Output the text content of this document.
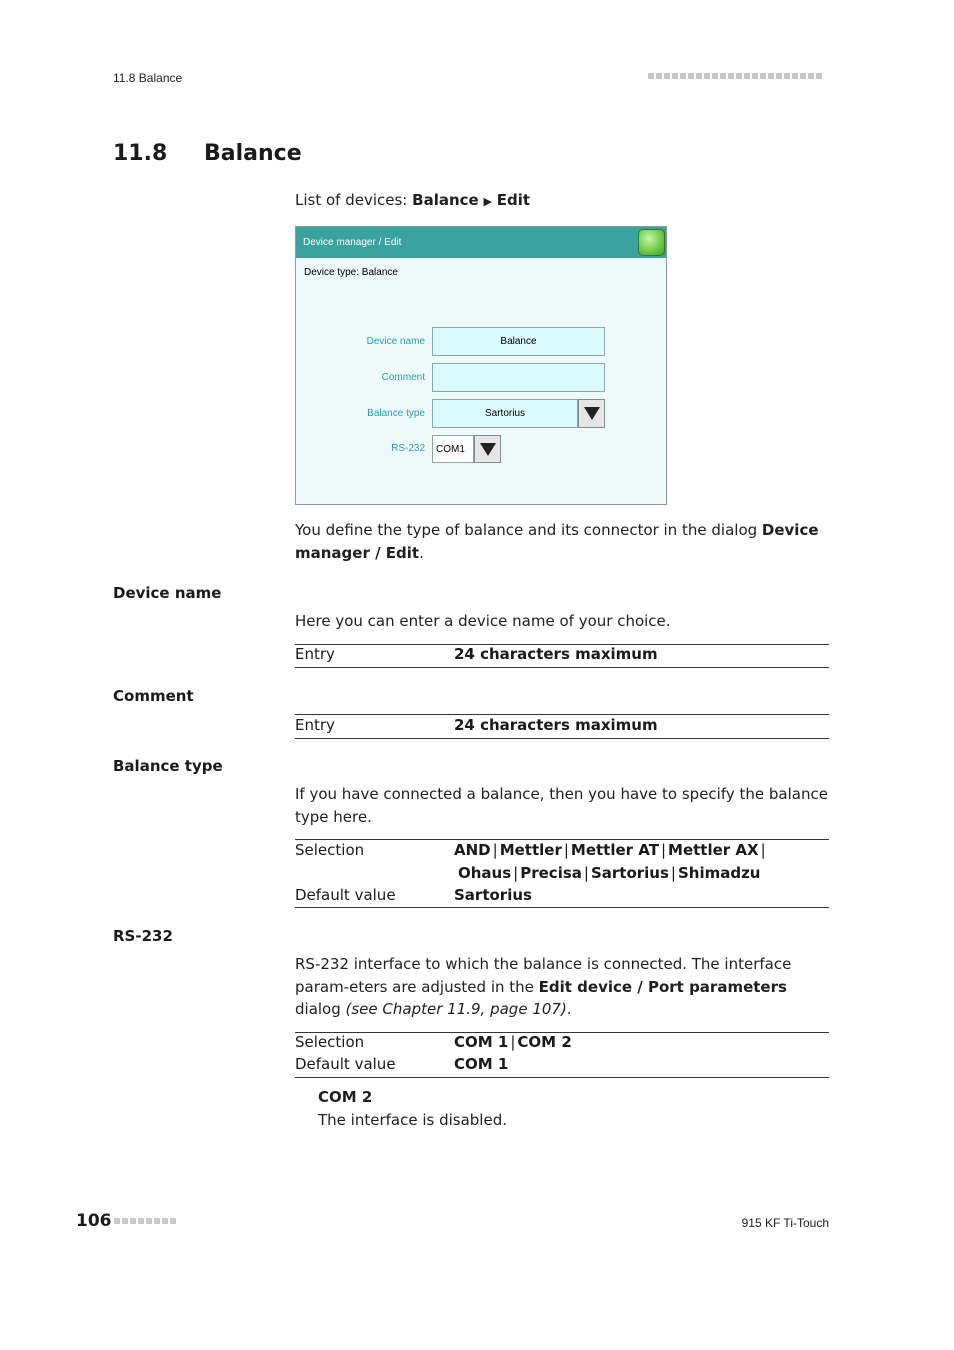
11.8 Balance
11.8 Balance
List of devices: Balance ▶ Edit
Device manager / Edit
Device type: Balance
Device name	Balance
Comment
Balance type	Sartorius
RS-232	COM1
You define the type of balance and its connector in the dialog Device manager / Edit.
Device name
Here you can enter a device name of your choice.
Entry	24 characters maximum
Comment
Entry	24 characters maximum
Balance type
If you have connected a balance, then you have to specify the balance type here.
Selection	AND | Mettler | Mettler AT | Mettler AX |
Ohaus | Precisa | Sartorius | Shimadzu
Default value	Sartorius
RS-232
RS-232 interface to which the balance is connected. The interface param-eters are adjusted in the Edit device / Port parameters dialog (see Chapter 11.9, page 107).
Selection	COM 1 | COM 2
Default value	COM 1
COM 2
The interface is disabled.
106	915 KF Ti-Touch
